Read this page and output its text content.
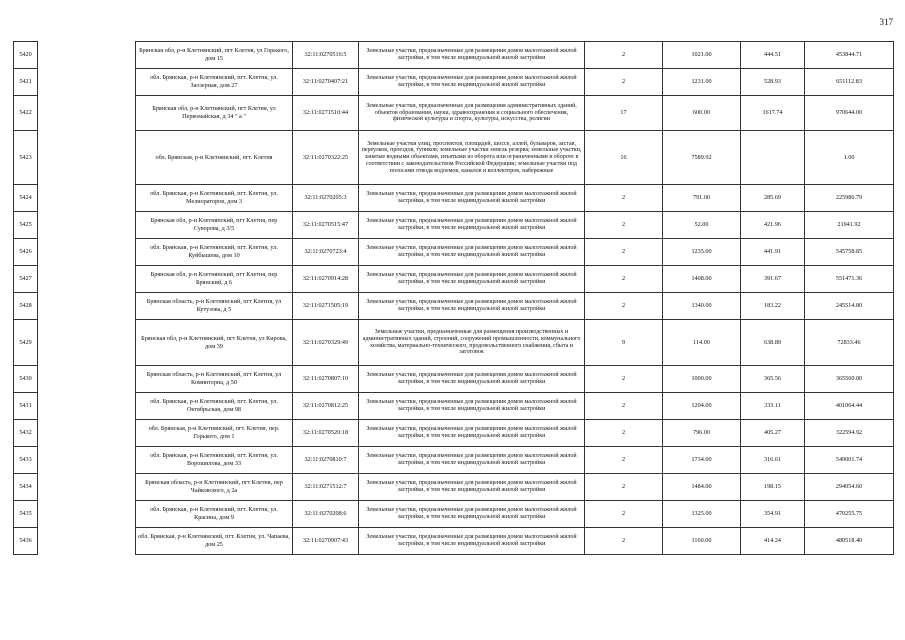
317
5420		Брянская обл, р-н Клетнянский, пгт Клетня, ул Горького, дом 15	32:11:0270516:5	Земельные участки, предназначенные для размещения домов малоэтажной жилой застройки, в том числе индивидуальной жилой застройки	2	1021.00	444.51	453844.71
5421		обл. Брянская, р-н Клетнянский, пгт. Клетня, ул. Заозерная, дом 27	32:11:0270407:21	Земельные участки, предназначенные для размещения домов малоэтажной жилой застройки, в том числе индивидуальной жилой застройки	2	1231.00	528.93	651112.83
5422		Брянская обл, р-н Клетнянский, пгт Клетня, ул Первомайская, д 34 " а "	32:11:0271510:44	Земельные участки, предназначенные для размещения административных зданий, объектов образования, науки, здравоохранения и социального обеспечения, физической культуры и спорта, культуры, искусства, религии	17	600.00	1617.74	970644.00
5423		обл. Брянская, р-н Клетнянский, пгт. Клетня	32:11:0270322:25	Земельные участки улиц, проспектов, площадей, шоссе, аллей, бульваров, застав, переулков, проездов, тупиков; земельные участки земель резерва; земельные участки, занятые водными объектами, изъятыми из оборота или ограниченными в обороте в соответствии с законодательством Российской Федерации; земельные участки под полосами отвода водоемов, каналов и коллекторов, набережные	16	7589.92		1.00
5424		обл. Брянская, р-н Клетнянский, пгт. Клетня, ул. Мелиораторов, дом 3	32:11:0270205:3	Земельные участки, предназначенные для размещения домов малоэтажной жилой застройки, в том числе индивидуальной жилой застройки	2	791.00	285.69	225980.79
5425		Брянская обл, р-н Клетнянский, пгт Клетня, пер Суворова, д 3/5	32:11:0270515:47	Земельные участки, предназначенные для размещения домов малоэтажной жилой застройки, в том числе индивидуальной жилой застройки	2	52.00	421.96	21941.92
5426		обл. Брянская, р-н Клетнянский, пгт. Клетня, ул. Куйбышева, дом 10	32:11:0270723:4	Земельные участки, предназначенные для размещения домов малоэтажной жилой застройки, в том числе индивидуальной жилой застройки	2	1235.00	441.91	545758.85
5427		Брянская обл, р-н Клетнянский, пгт Клетня, пер Брянский, д 6	32:11:0270914:28	Земельные участки, предназначенные для размещения домов малоэтажной жилой застройки, в том числе индивидуальной жилой застройки	2	1408.00	391.67	551471.36
5428		Брянская область, р-н Клетнянский, пгт Клетня, ул Кутузова, д 5	32:11:0271505:19	Земельные участки, предназначенные для размещения домов малоэтажной жилой застройки, в том числе индивидуальной жилой застройки	2	1340.00	183.22	245514.80
5429		Брянская обл, р-н Клетнянский, пгт Клетня, ул Кирова, дом 39	32:11:0270329:49	Земельные участки, предназначенные для размещения производственных и административных зданий, строений, сооружений промышленности, коммунального хозяйства, материально-технического, продовольственного снабжения, сбыта и заготовок	9	114.00	638.89	72833.46
5430		Брянская область, р-н Клетнянский, пгт Клетня, ул Коминтерна, д 50	32:11:0270807:10	Земельные участки, предназначенные для размещения домов малоэтажной жилой застройки, в том числе индивидуальной жилой застройки	2	1000.00	365.56	365560.00
5431		обл. Брянская, р-н Клетнянский, пгт. Клетня, ул. Октябрьская, дом 98	32:11:0270812:25	Земельные участки, предназначенные для размещения домов малоэтажной жилой застройки, в том числе индивидуальной жилой застройки	2	1204.00	333.11	401064.44
5432		обл. Брянская, р-н Клетнянский, пгт. Клетня, пер. Горького, дом 1	32:11:0270520:18	Земельные участки, предназначенные для размещения домов малоэтажной жилой застройки, в том числе индивидуальной жилой застройки	2	796.00	405.27	322594.92
5433		обл. Брянская, р-н Клетнянский, пгт. Клетня, ул. Ворошилова, дом 33	32:11:0270810:7	Земельные участки, предназначенные для размещения домов малоэтажной жилой застройки, в том числе индивидуальной жилой застройки	2	1734.00	316.61	549001.74
5434		Брянская область, р-н Клетнянский, пгт Клетня, пер Чайковского, д 2а	32:11:0271512:7	Земельные участки, предназначенные для размещения домов малоэтажной жилой застройки, в том числе индивидуальной жилой застройки	2	1484.00	198.15	294054.60
5435		обл. Брянская, р-н Клетнянский, пгт. Клетня, ул. Красина, дом 9	32:11:0270208:6	Земельные участки, предназначенные для размещения домов малоэтажной жилой застройки, в том числе индивидуальной жилой застройки	2	1325.00	354.91	470255.75
5436		обл. Брянская, р-н Клетнянский, пгт. Клетня, ул. Чапаева, дом 25	32:11:0270907:43	Земельные участки, предназначенные для размещения домов малоэтажной жилой застройки, в том числе индивидуальной жилой застройки	2	1160.00	414.24	480518.40
